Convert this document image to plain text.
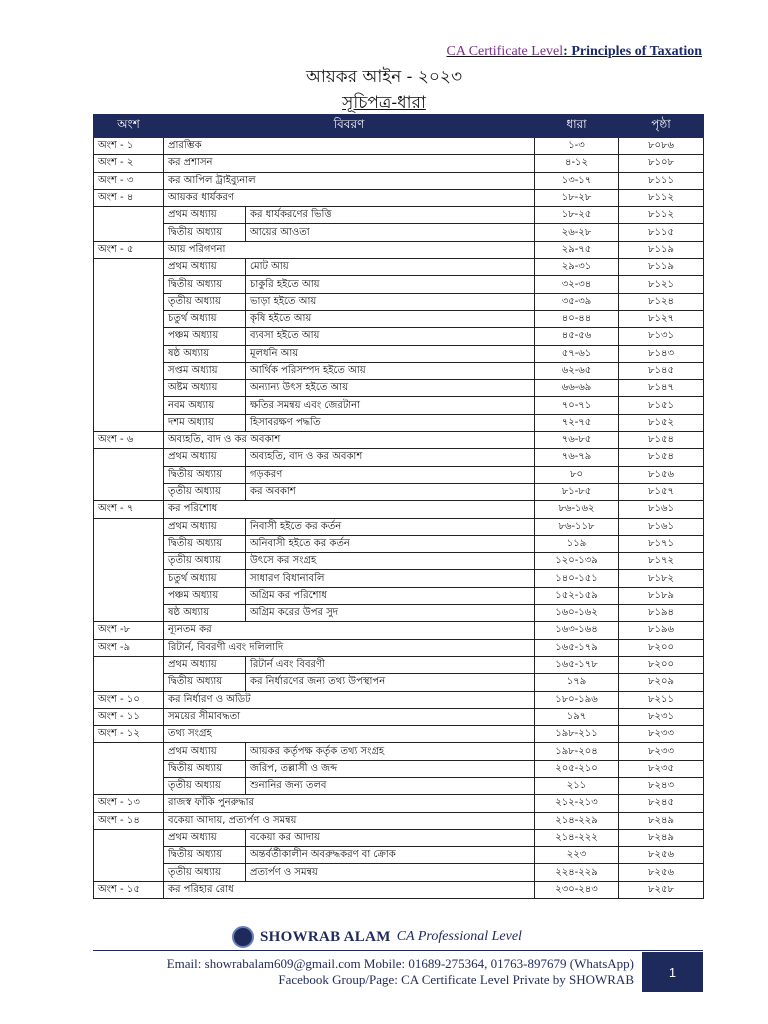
CA Certificate Level: Principles of Taxation
আয়কর আইন - ২০২৩
সূচিপত্র-ধারা
অংশ	বিবরণ		ধারা	পৃষ্ঠা
অংশ - ১	প্রারম্ভিক		১-৩	৮০৮৬
অংশ - ২	কর প্রশাসন		৪-১২	৮১০৮
অংশ - ৩	কর আপিল ট্রাইব্যুনাল		১৩-১৭	৮১১১
অংশ - ৪	আয়কর ধার্যকরণ		১৮-২৮	৮১১২
	প্রথম অধ্যায়	কর ধার্যকরণের ভিত্তি	১৮-২৫	৮১১২
	দ্বিতীয় অধ্যায়	আয়ের আওতা	২৬-২৮	৮১১৫
অংশ - ৫	আয় পরিগণনা		২৯-৭৫	৮১১৯
	প্রথম অধ্যায়	মোট আয়	২৯-৩১	৮১১৯
	দ্বিতীয় অধ্যায়	চাকুরি হইতে আয়	৩২-৩৪	৮১২১
	তৃতীয় অধ্যায়	ভাড়া হইতে আয়	৩৫-৩৯	৮১২৪
	চতুর্থ অধ্যায়	কৃষি হইতে আয়	৪০-৪৪	৮১২৭
	পঞ্চম অধ্যায়	ব্যবসা হইতে আয়	৪৫-৫৬	৮১৩১
	ষষ্ঠ অধ্যায়	মূলধনি আয়	৫৭-৬১	৮১৪৩
	সপ্তম অধ্যায়	আর্থিক পরিসম্পদ হইতে আয়	৬২-৬৫	৮১৪৫
	অষ্টম অধ্যায়	অন্যান্য উৎস হইতে আয়	৬৬-৬৯	৮১৪৭
	নবম অধ্যায়	ক্ষতির সমন্বয় এবং জেরটানা	৭০-৭১	৮১৫১
	দশম অধ্যায়	হিসাবরক্ষণ পদ্ধতি	৭২-৭৫	৮১৫২
অংশ - ৬	অব্যহতি, বাদ ও কর অবকাশ		৭৬-৮৫	৮১৫৪
	প্রথম অধ্যায়	অব্যহতি, বাদ ও কর অবকাশ	৭৬-৭৯	৮১৫৪
	দ্বিতীয় অধ্যায়	গড়করণ	৮০	৮১৫৬
	তৃতীয় অধ্যায়	কর অবকাশ	৮১-৮৫	৮১৫৭
অংশ - ৭	কর পরিশোধ		৮৬-১৬২	৮১৬১
	প্রথম অধ্যায়	নিবাসী হইতে কর কর্তন	৮৬-১১৮	৮১৬১
	দ্বিতীয় অধ্যায়	অনিবাসী হইতে কর কর্তন	১১৯	৮১৭১
	তৃতীয় অধ্যায়	উৎসে কর সংগ্রহ	১২০-১৩৯	৮১৭২
	চতুর্থ অধ্যায়	সাধারণ বিধানাবলি	১৪০-১৫১	৮১৮২
	পঞ্চম অধ্যায়	অগ্রিম কর পরিশোধ	১৫২-১৫৯	৮১৮৯
	ষষ্ঠ অধ্যায়	অগ্রিম করের উপর সুদ	১৬০-১৬২	৮১৯৪
অংশ -৮	ন্যূনতম কর		১৬৩-১৬৪	৮১৯৬
অংশ -৯	রিটার্ন, বিবরণী এবং দলিলাদি		১৬৫-১৭৯	৮২০০
	প্রথম অধ্যায়	রিটার্ন এবং বিবরণী	১৬৫-১৭৮	৮২০০
	দ্বিতীয় অধ্যায়	কর নির্ধারণের জন্য তথ্য উপস্থাপন	১৭৯	৮২০৯
অংশ - ১০	কর নির্ধারণ ও অডিট		১৮০-১৯৬	৮২১১
অংশ - ১১	সময়ের সীমাবদ্ধতা		১৯৭	৮২৩১
অংশ - ১২	তথ্য সংগ্রহ		১৯৮-২১১	৮২৩৩
	প্রথম অধ্যায়	আয়কর কর্তৃপক্ষ কর্তৃক তথ্য সংগ্রহ	১৯৮-২০৪	৮২৩৩
	দ্বিতীয় অধ্যায়	জরিপ, তল্লাসী ও জব্দ	২০৫-২১০	৮২৩৫
	তৃতীয় অধ্যায়	শুনানির জন্য তলব	২১১	৮২৪৩
অংশ - ১৩	রাজস্ব ফাঁকি পুনরুদ্ধার		২১২-২১৩	৮২৪৫
অংশ - ১৪	বকেয়া আদায়, প্রত্যর্পণ ও সমন্বয়		২১৪-২২৯	৮২৪৯
	প্রথম অধ্যায়	বকেয়া কর আদায়	২১৪-২২২	৮২৪৯
	দ্বিতীয় অধ্যায়	অন্তর্বর্তীকালীন অবরুদ্ধকরণ বা ক্রোক	২২৩	৮২৫৬
	তৃতীয় অধ্যায়	প্রত্যর্পণ ও সমন্বয়	২২৪-২২৯	৮২৫৬
অংশ - ১৫	কর পরিহার রোধ		২৩০-২৪৩	৮২৫৮
SHOWRAB ALAM CA Professional Level
Email: showrabalam609@gmail.com Mobile: 01689-275364, 01763-897679 (WhatsApp)
Facebook Group/Page: CA Certificate Level Private by SHOWRAB	1
